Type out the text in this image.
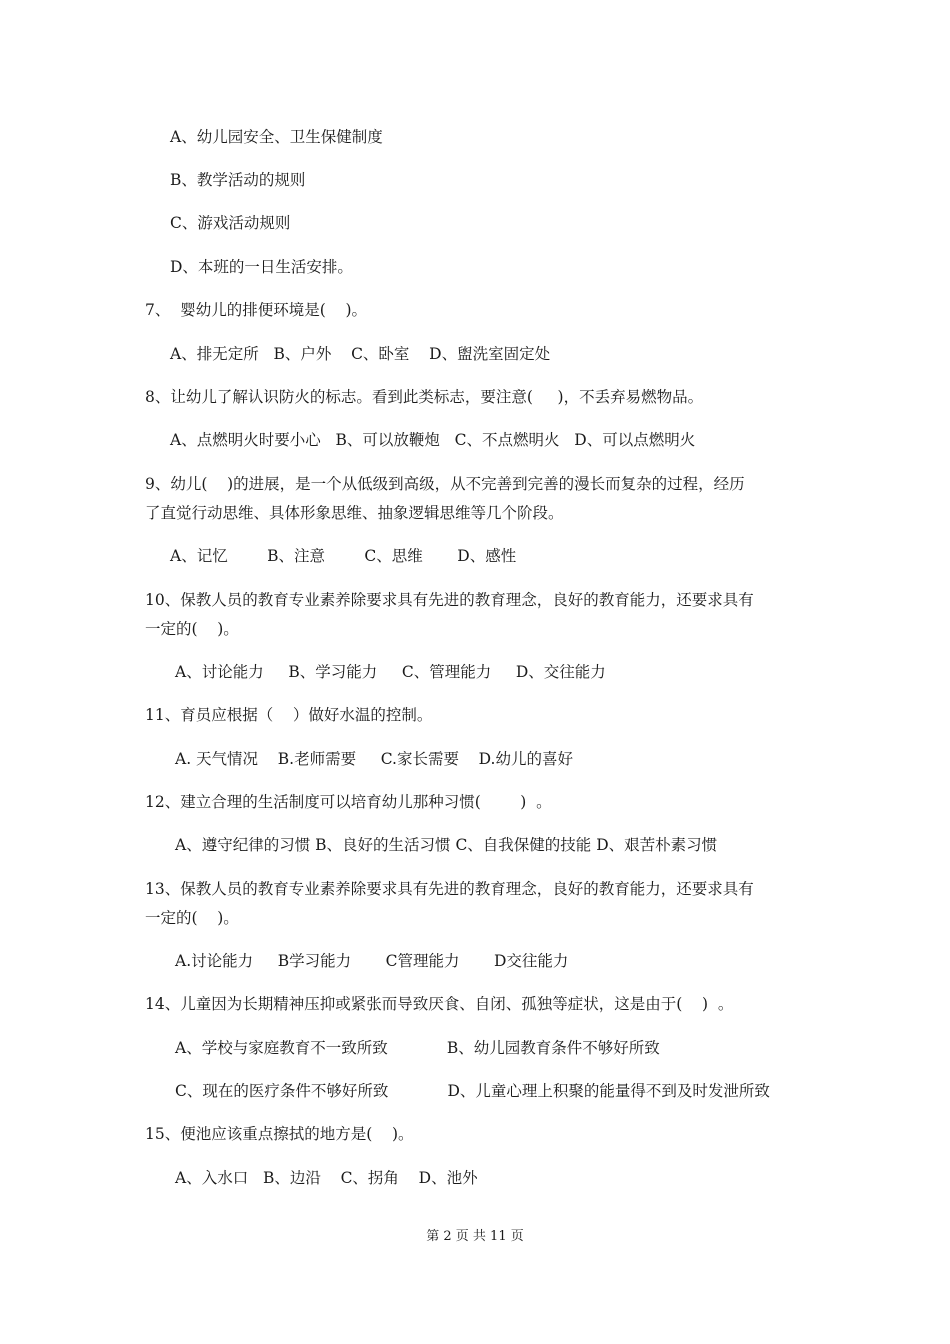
A、幼儿园安全、卫生保健制度
B、教学活动的规则
C、游戏活动规则
D、本班的一日生活安排。
7、  婴幼儿的排便环境是(    )。
A、排无定所   B、户外    C、卧室    D、盥洗室固定处
8、让幼儿了解认识防火的标志。看到此类标志，要注意(     )，不丢弃易燃物品。
A、点燃明火时要小心   B、可以放鞭炮   C、不点燃明火   D、可以点燃明火
9、幼儿(    )的进展，是一个从低级到高级，从不完善到完善的漫长而复杂的过程，经历
了直觉行动思维、具体形象思维、抽象逻辑思维等几个阶段。
A、记忆        B、注意        C、思维       D、感性
10、保教人员的教育专业素养除要求具有先进的教育理念，良好的教育能力，还要求具有
一定的(    )。
A、讨论能力     B、学习能力     C、管理能力     D、交往能力
11、育员应根据（    ）做好水温的控制。
A. 天气情况    B.老师需要     C.家长需要    D.幼儿的喜好
12、建立合理的生活制度可以培育幼儿那种习惯(        )  。
A、遵守纪律的习惯 B、良好的生活习惯 C、自我保健的技能 D、艰苦朴素习惯
13、保教人员的教育专业素养除要求具有先进的教育理念，良好的教育能力，还要求具有
一定的(    )。
A.讨论能力     B学习能力       C管理能力       D交往能力
14、儿童因为长期精神压抑或紧张而导致厌食、自闭、孤独等症状，这是由于(    )  。
A、学校与家庭教育不一致所致            B、幼儿园教育条件不够好所致
C、现在的医疗条件不够好所致            D、儿童心理上积聚的能量得不到及时发泄所致
15、便池应该重点擦拭的地方是(    )。
A、入水口   B、边沿    C、拐角    D、池外
第 2 页 共 11 页
